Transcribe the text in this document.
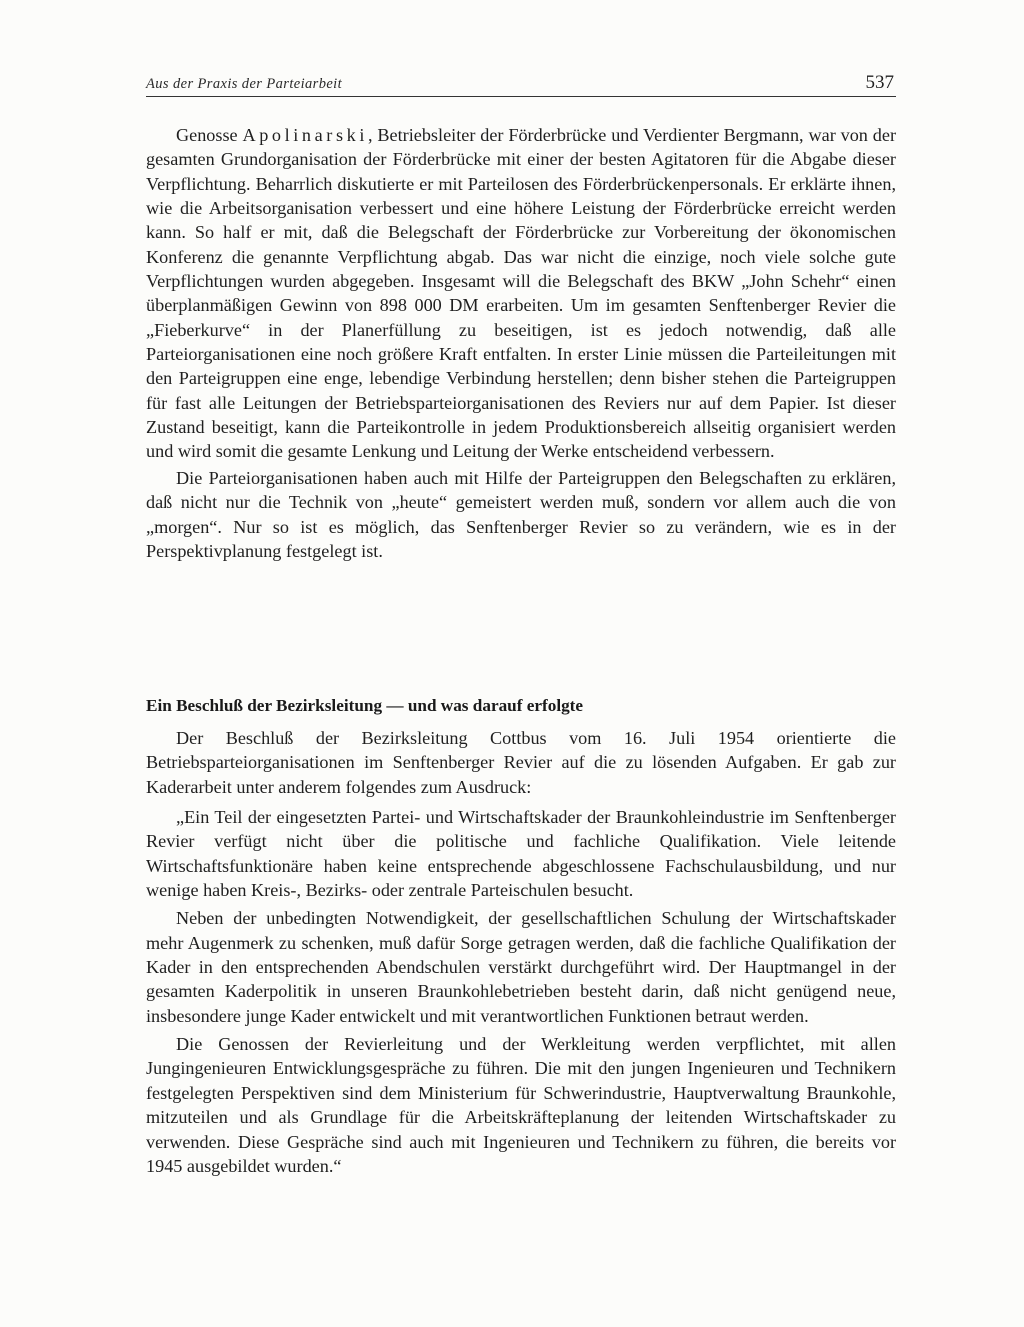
Aus der Praxis der Parteiarbeit	537

Genosse Apolinarski, Betriebsleiter der Förderbrücke und Verdienter Bergmann, war von der gesamten Grundorganisation der Förderbrücke mit einer der besten Agitatoren für die Abgabe dieser Verpflichtung. Beharrlich diskutierte er mit Parteilosen des Förderbrückenpersonals. Er erklärte ihnen, wie die Arbeitsorganisation verbessert und eine höhere Leistung der Förderbrücke erreicht werden kann. So half er mit, daß die Belegschaft der Förderbrücke zur Vorbereitung der ökonomischen Konferenz die genannte Verpflichtung abgab. Das war nicht die einzige, noch viele solche gute Verpflichtungen wurden abgegeben. Insgesamt will die Belegschaft des BKW „John Schehr“ einen überplanmäßigen Gewinn von 898 000 DM erarbeiten. Um im gesamten Senftenberger Revier die „Fieberkurve“ in der Planerfüllung zu beseitigen, ist es jedoch notwendig, daß alle Parteiorganisationen eine noch größere Kraft entfalten. In erster Linie müssen die Parteileitungen mit den Parteigruppen eine enge, lebendige Verbindung herstellen; denn bisher stehen die Parteigruppen für fast alle Leitungen der Betriebsparteiorganisationen des Reviers nur auf dem Papier. Ist dieser Zustand beseitigt, kann die Parteikontrolle in jedem Produktionsbereich allseitig organisiert werden und wird somit die gesamte Lenkung und Leitung der Werke entscheidend verbessern.

Die Parteiorganisationen haben auch mit Hilfe der Parteigruppen den Belegschaften zu erklären, daß nicht nur die Technik von „heute“ gemeistert werden muß, sondern vor allem auch die von „morgen“. Nur so ist es möglich, das Senftenberger Revier so zu verändern, wie es in der Perspektivplanung festgelegt ist.

Ein Beschluß der Bezirksleitung — und was darauf erfolgte

Der Beschluß der Bezirksleitung Cottbus vom 16. Juli 1954 orientierte die Betriebsparteiorganisationen im Senftenberger Revier auf die zu lösenden Aufgaben. Er gab zur Kaderarbeit unter anderem folgendes zum Ausdruck:

„Ein Teil der eingesetzten Partei- und Wirtschaftskader der Braunkohleindustrie im Senftenberger Revier verfügt nicht über die politische und fachliche Qualifikation. Viele leitende Wirtschaftsfunktionäre haben keine entsprechende abgeschlossene Fachschulausbildung, und nur wenige haben Kreis-, Bezirks- oder zentrale Parteischulen besucht.

Neben der unbedingten Notwendigkeit, der gesellschaftlichen Schulung der Wirtschaftskader mehr Augenmerk zu schenken, muß dafür Sorge getragen werden, daß die fachliche Qualifikation der Kader in den entsprechenden Abendschulen verstärkt durchgeführt wird. Der Hauptmangel in der gesamten Kaderpolitik in unseren Braunkohlebetrieben besteht darin, daß nicht genügend neue, insbesondere junge Kader entwickelt und mit verantwortlichen Funktionen betraut werden.

Die Genossen der Revierleitung und der Werkleitung werden verpflichtet, mit allen Jungingenieuren Entwicklungsgespräche zu führen. Die mit den jungen Ingenieuren und Technikern festgelegten Perspektiven sind dem Ministerium für Schwerindustrie, Hauptverwaltung Braunkohle, mitzuteilen und als Grundlage für die Arbeitskräfteplanung der leitenden Wirtschaftskader zu verwenden. Diese Gespräche sind auch mit Ingenieuren und Technikern zu führen, die bereits vor 1945 ausgebildet wurden.“
